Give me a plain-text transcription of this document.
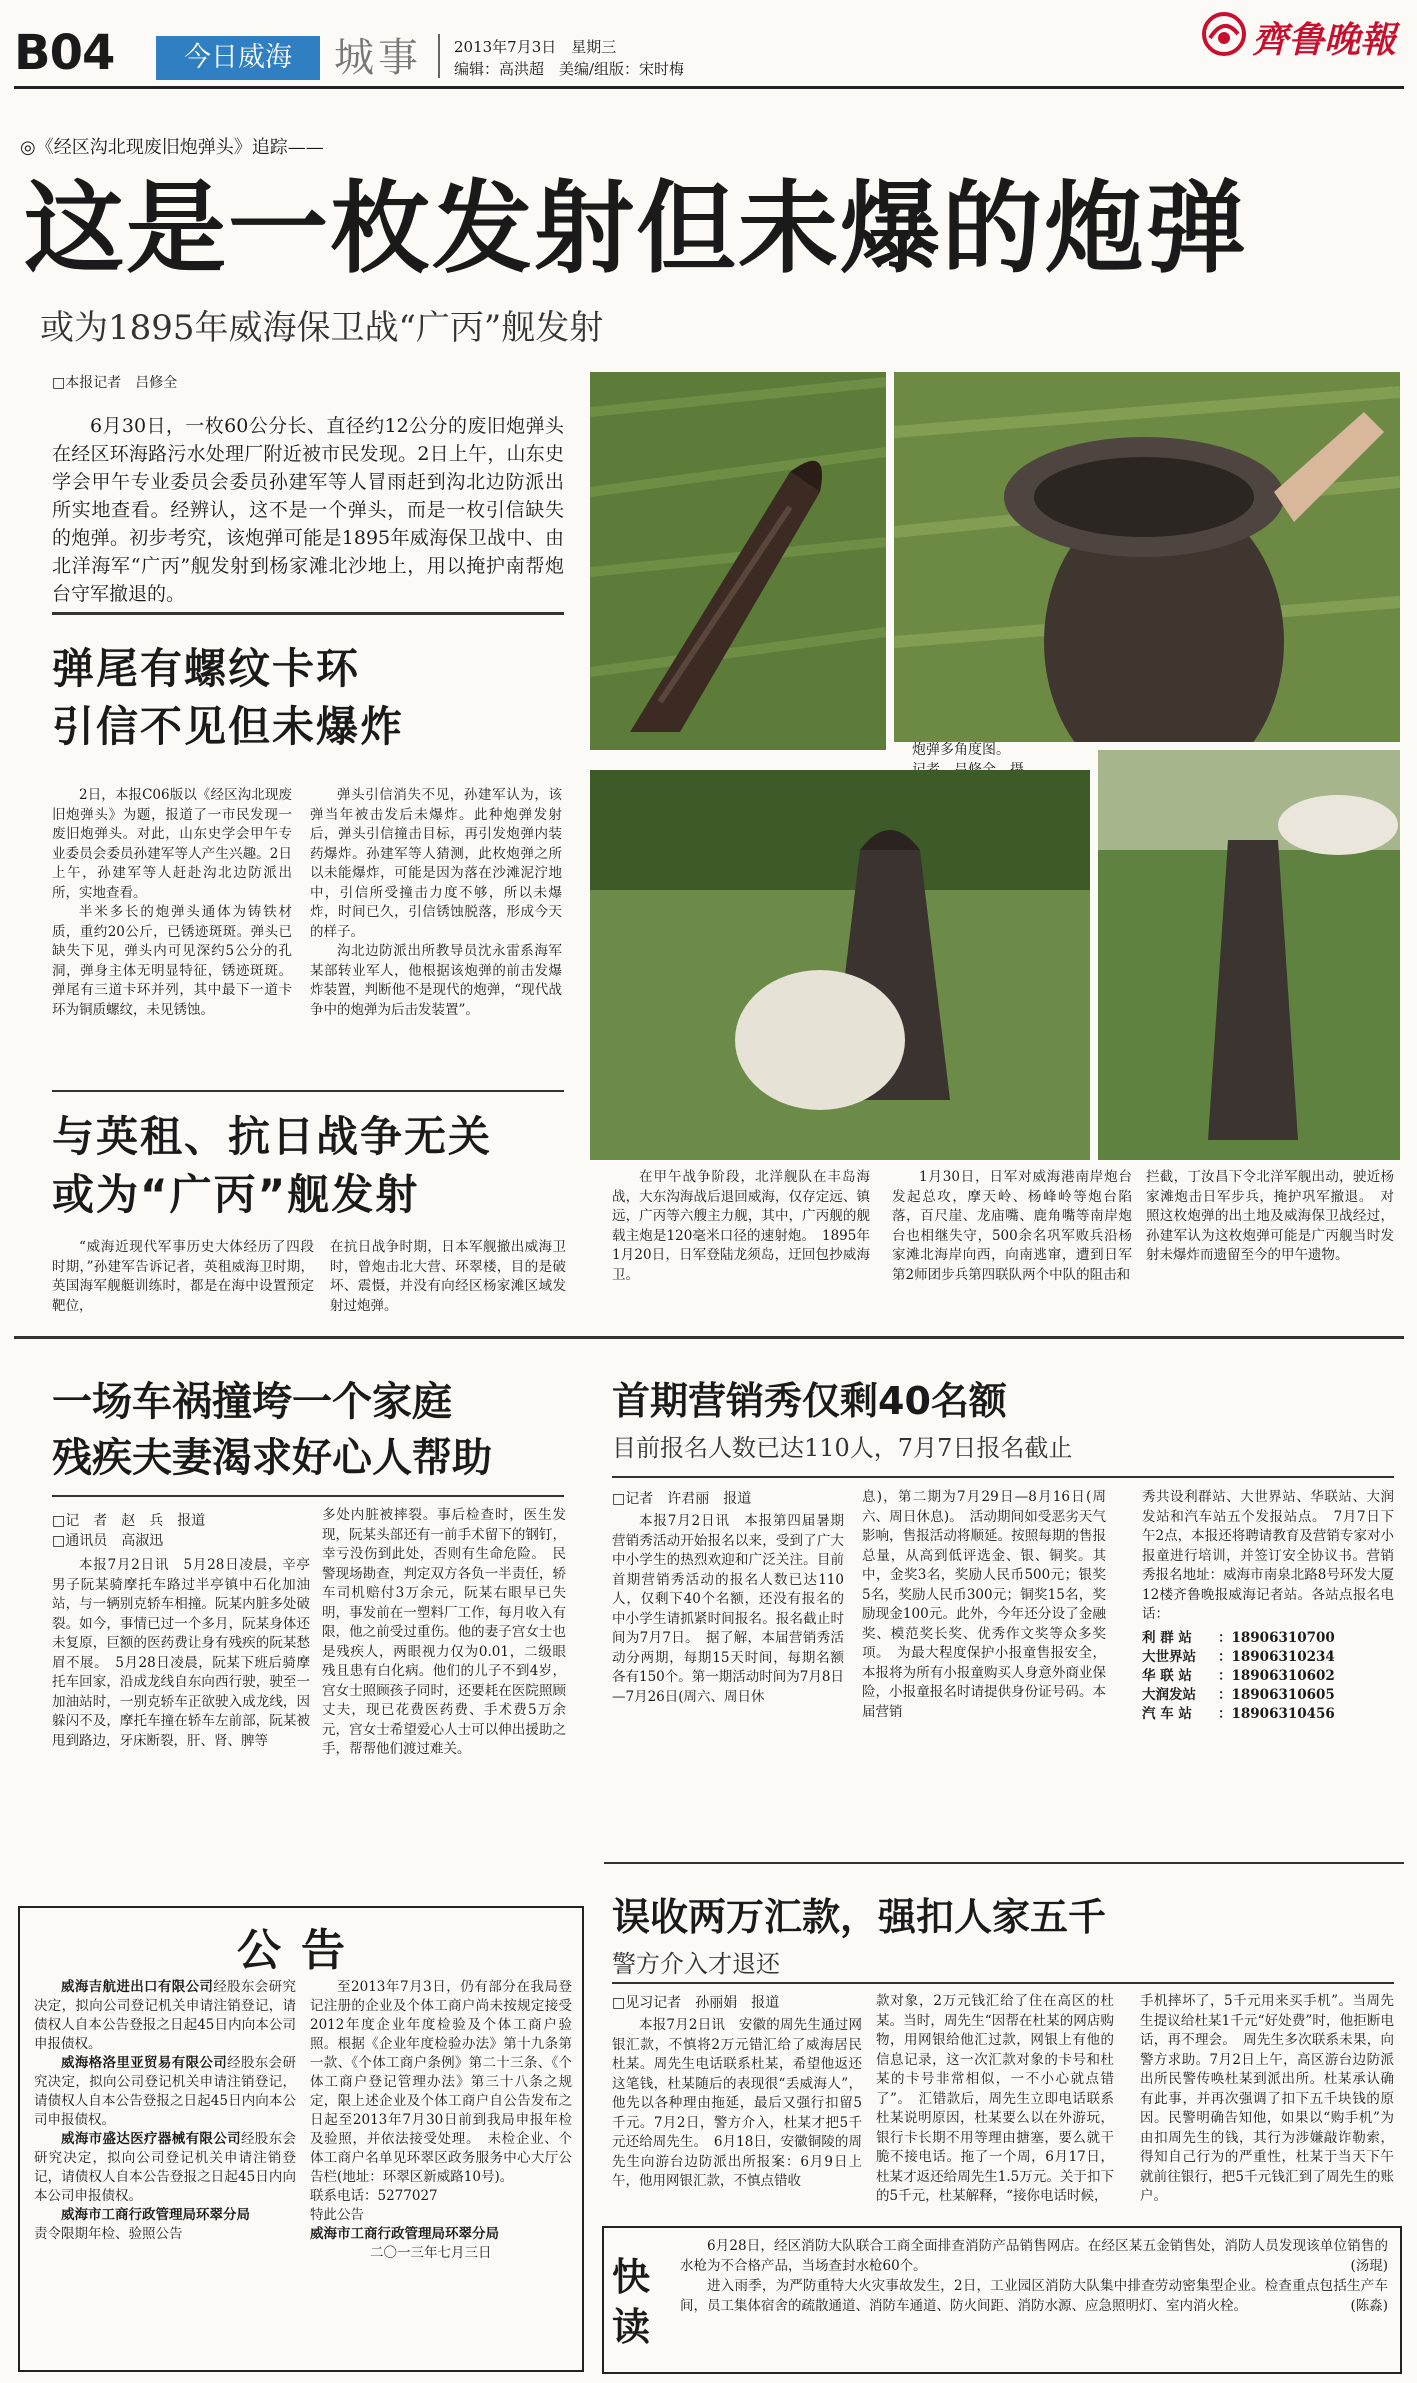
B04	今日威海	城事 2013年7月3日　星期三
编辑：高洪超　美编/组版：宋时梅
齊鲁晚報
◎《经区沟北现废旧炮弹头》追踪——
这是一枚发射但未爆的炮弹
或为1895年威海保卫战“广丙”舰发射
□本报记者　吕修全

6月30日，一枚60公分长、直径约12公分的废旧炮弹头在经区环海路污水处理厂附近被市民发现。2日上午，山东史学会甲午专业委员会委员孙建军等人冒雨赶到沟北边防派出所实地查看。经辨认，这不是一个弹头，而是一枚引信缺失的炮弹。初步考究，该炮弹可能是1895年威海保卫战中、由北洋海军“广丙”舰发射到杨家滩北沙地上，用以掩护南帮炮台守军撤退的。

弹尾有螺纹卡环
引信不见但未爆炸

2日，本报C06版以《经区沟北现废旧炮弹头》为题，报道了一市民发现一废旧炮弹头。对此，山东史学会甲午专业委员会委员孙建军等人产生兴趣。2日上午，孙建军等人赶赴沟北边防派出所，实地查看。

半米多长的炮弹头通体为铸铁材质，重约20公斤，已锈迹斑斑。弹头已缺失下见，弹头内可见深约5公分的孔洞，弹身主体无明显特征，锈迹斑斑。弹尾有三道卡环并列，其中最下一道卡环为铜质螺纹，未见锈蚀。

弹头引信消失不见，孙建军认为，该弹当年被击发后未爆炸。此种炮弹发射后，弹头引信撞击目标，再引发炮弹内装药爆炸。孙建军等人猜测，此枚炮弹之所以未能爆炸，可能是因为落在沙滩泥泞地中，引信所受撞击力度不够，所以未爆炸，时间已久，引信锈蚀脱落，形成今天的样子。

沟北边防派出所教导员沈永雷系海军某部转业军人，他根据该炮弹的前击发爆炸装置，判断他不是现代的炮弹，“现代战争中的炮弹为后击发装置”。

炮弹多角度图。
与英租、抗日战争无关
或为“广丙”舰发射

“威海近现代军事历史大体经历了四段时期，”孙建军告诉记者，英租威海卫时期，英国海军舰艇训练时，都是在海中设置预定靶位，

在抗日战争时期，日本军舰撤出威海卫时，曾炮击北大营、环翠楼，目的是破坏、震慑，并没有向经区杨家滩区域发射过炮弹。

在甲午战争阶段，北洋舰队在丰岛海战，大东沟海战后退回威海，仅存定远、镇远，广丙等六艘主力舰，其中，广丙舰的舰载主炮是120毫米口径的速射炮。　1895年1月20日，日军登陆龙须岛，迂回包抄威海卫。

1月30日，日军对威海港南岸炮台发起总攻，摩天岭、杨峰岭等炮台陷落，百尺崖、龙庙嘴、鹿角嘴等南岸炮台也相继失守，500余名巩军败兵沿杨家滩北海岸向西，向南逃窜，遭到日军第2师团步兵第四联队两个中队的阻击和

拦截，丁汝昌下令北洋军舰出动，驶近杨家滩炮击日军步兵，掩护巩军撤退。　对照这枚炮弹的出土地及威海保卫战经过，孙建军认为这枚炮弹可能是广丙舰当时发射未爆炸而遗留至今的甲午遗物。

一场车祸撞垮一个家庭
残疾夫妻渴求好心人帮助
□记　者　赵　兵　报道
□通讯员　高淑迅

本报7月2日讯　5月28日凌晨，辛亭男子阮某骑摩托车路过半亭镇中石化加油站，与一辆别克轿车相撞。阮某内脏多处破裂。如今，事情已过一个多月，阮某身体还未复原，巨额的医药费让身有残疾的阮某愁眉不展。　5月28日凌晨，阮某下班后骑摩托车回家，沿成龙线自东向西行驶，驶至一加油站时，一别克轿车正欲驶入成龙线，因躲闪不及，摩托车撞在轿车左前部，阮某被甩到路边，牙床断裂，肝、肾、脾等

多处内脏被摔裂。事后检查时，医生发现，阮某头部还有一前手术留下的钢钉，幸亏没伤到此处，否则有生命危险。　民警现场勘查，判定双方各负一半责任，轿车司机赔付3万余元，阮某右眼早已失明，事发前在一塑料厂工作，每月收入有限，他之前受过重伤。他的妻子宫女士也是残疾人，两眼视力仅为0.01，二级眼残且患有白化病。他们的儿子不到4岁，宫女士照顾孩子同时，还要耗在医院照顾丈夫，现已花费医药费、手术费5万余元，宫女士希望爱心人士可以伸出援助之手，帮帮他们渡过难关。

公告

威海吉航进出口有限公司经股东会研究决定，拟向公司登记机关申请注销登记，请债权人自本公告登报之日起45日内向本公司申报债权。

威海格洛里亚贸易有限公司经股东会研究决定，拟向公司登记机关申请注销登记，请债权人自本公告登报之日起45日内向本公司申报债权。

威海市盛达医疗器械有限公司经股东会研究决定，拟向公司登记机关申请注销登记，请债权人自本公告登报之日起45日内向本公司申报债权。

威海市工商行政管理局环翠分局
责令限期年检、验照公告

至2013年7月3日，仍有部分在我局登记注册的企业及个体工商户尚未按规定接受2012年度企业年度检验及个体工商户验照。根据《企业年度检验办法》第十九条第一款、《个体工商户条例》第二十三条、《个体工商户登记管理办法》第三十八条之规定，限上述企业及个体工商户自公告发布之日起至2013年7月30日前到我局申报年检及验照，并依法接受处理。　未检企业、个体工商户名单见环翠区政务服务中心大厅公告栏(地址：环翠区新威路10号)。

联系电话：5277027
特此公告
威海市工商行政管理局环翠分局
二〇一三年七月三日
首期营销秀仅剩40名额
目前报名人数已达110人，7月7日报名截止
□记者　许君丽　报道

本报7月2日讯　本报第四届暑期营销秀活动开始报名以来，受到了广大中小学生的热烈欢迎和广泛关注。目前首期营销秀活动的报名人数已达110人，仅剩下40个名额，还没有报名的中小学生请抓紧时间报名。报名截止时间为7月7日。　据了解，本届营销秀活动分两期，每期15天时间，每期名额各有150个。第一期活动时间为7月8日—7月26日(周六、周日休

息)，第二期为7月29日—8月16日(周六、周日休息)。　活动期间如受恶劣天气影响，售报活动将顺延。按照每期的售报总量，从高到低评选金、银、铜奖。其中，金奖3名，奖励人民币500元；银奖5名，奖励人民币300元；铜奖15名，奖励现金100元。此外，今年还分设了金融奖、模范奖长奖、优秀作文奖等众多奖项。　为最大程度保护小报童售报安全，本报将为所有小报童购买人身意外商业保险，小报童报名时请提供身份证号码。本届营销

秀共设利群站、大世界站、华联站、大润发站和汽车站五个发报站点。　7月7日下午2点，本报还将聘请教育及营销专家对小报童进行培训，并签订安全协议书。营销秀报名地址：威海市南泉北路8号环发大厦12楼齐鲁晚报威海记者站。各站点报名电话：

利 群 站 ：18906310700
大世界站 ：18906310234
华 联 站 ：18906310602
大润发站 ：18906310605
汽 车 站 ：18906310456
误收两万汇款，强扣人家五千
警方介入才退还
□见习记者　孙丽娟　报道

本报7月2日讯　安徽的周先生通过网银汇款，不慎将2万元错汇给了威海居民杜某。周先生电话联系杜某，希望他返还这笔钱，杜某随后的表现很“丢威海人”，他先以各种理由拖延，最后又强行扣留5千元。7月2日，警方介入，杜某才把5千元还给周先生。　6月18日，安徽铜陵的周先生向游台边防派出所报案：6月9日上午，他用网银汇款，不慎点错收

款对象，2万元钱汇给了住在高区的杜某。当时，周先生“因帮在杜某的网店购物，用网银给他汇过款，网银上有他的信息记录，这一次汇款对象的卡号和杜某的卡号非常相似，一不小心就点错了”。　汇错款后，周先生立即电话联系杜某说明原因，杜某要么以在外游玩，银行卡长期不用等理由搪塞，要么就干脆不接电话。拖了一个周，6月17日，杜某才返还给周先生1.5万元。关于扣下的5千元，杜某解释，“接你电话时候，

手机摔坏了，5千元用来买手机”。当周先生提议给杜某1千元“好处费”时，他拒断电话，再不理会。　周先生多次联系未果，向警方求助。7月2日上午，高区游台边防派出所民警传唤杜某到派出所。杜某承认确有此事，并再次强调了扣下五千块钱的原因。民警明确告知他，如果以“购手机”为由扣周先生的钱，其行为涉嫌敲诈勒索，得知自己行为的严重性，杜某于当天下午就前往银行，把5千元钱汇到了周先生的账户。

快读

6月28日，经区消防大队联合工商全面排查消防产品销售网店。在经区某五金销售处，消防人员发现该单位销售的水枪为不合格产品，当场查封水枪60个。	(汤琨)

进入雨季，为严防重特大火灾事故发生，2日，工业园区消防大队集中排查劳动密集型企业。检查重点包括生产车间，员工集体宿舍的疏散通道、消防车通道、防火间距、消防水源、应急照明灯、室内消火栓。	(陈淼)
